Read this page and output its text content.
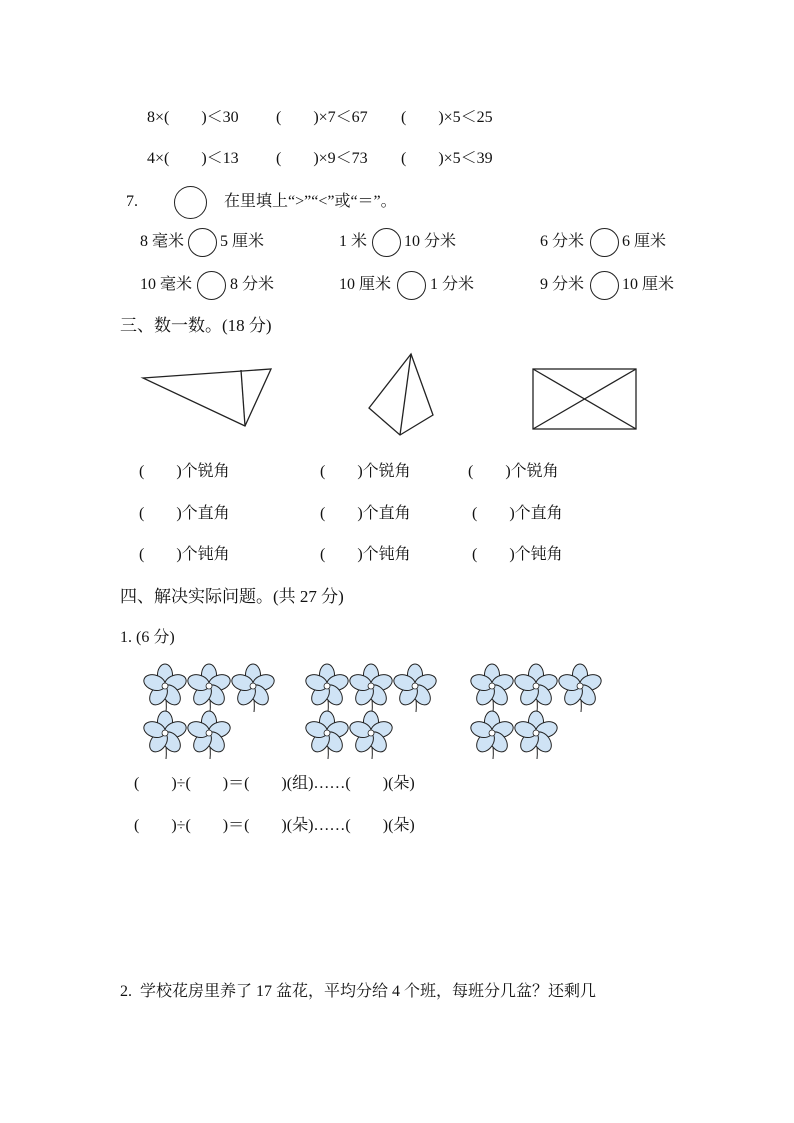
8×(  )＜30 (  )×7＜67 (  )×5＜25
4×(  )＜13 (  )×9＜73 (  )×5＜39
7.	在里填上“>”“<”或“＝”。
8 毫米 5 厘米	1 米 10 分米	6 分米 6 厘米
10 毫米 8 分米	10 厘米 1 分米	9 分米 10 厘米
三、数一数。(18 分)
(  )个锐角	(  )个锐角	(  )个锐角
(  )个直角	(  )个直角	(  )个直角
(  )个钝角	(  )个钝角	(  )个钝角
四、解决实际问题。(共 27 分)
1. (6 分)
(  )÷(  )＝(  )(组)……(  )(朵)
(  )÷(  )＝(  )(朵)……(  )(朵)
2.  学校花房里养了 17 盆花，平均分给 4 个班，每班分几盆？还剩几
